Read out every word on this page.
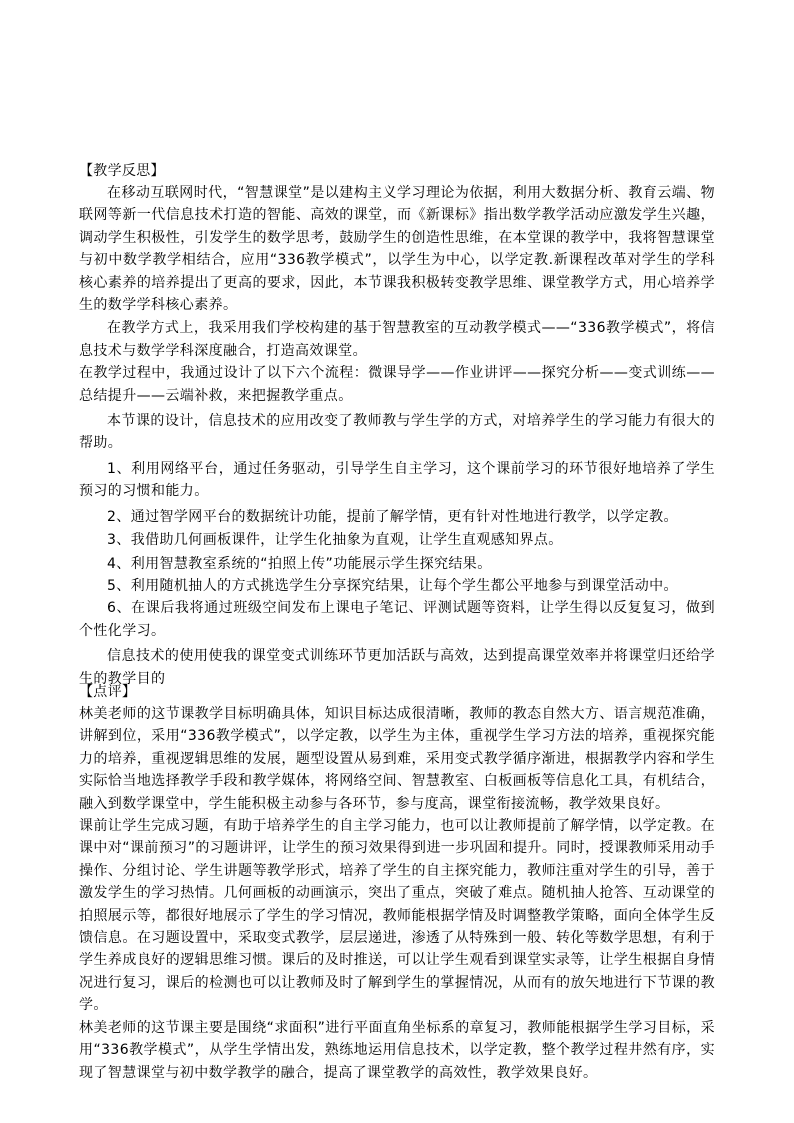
【教学反思】

在移动互联网时代，“智慧课堂”是以建构主义学习理论为依据，利用大数据分析、教育云端、物联网等新一代信息技术打造的智能、高效的课堂，而《新课标》指出数学教学活动应激发学生兴趣，调动学生积极性，引发学生的数学思考，鼓励学生的创造性思维，在本堂课的教学中，我将智慧课堂与初中数学教学相结合，应用“336教学模式”，以学生为中心，以学定教.新课程改革对学生的学科核心素养的培养提出了更高的要求，因此，本节课我积极转变教学思维、课堂教学方式，用心培养学生的数学学科核心素养。

在教学方式上，我采用我们学校构建的基于智慧教室的互动教学模式——“336教学模式”，将信息技术与数学学科深度融合，打造高效课堂。

在教学过程中，我通过设计了以下六个流程：微课导学——作业讲评——探究分析——变式训练——总结提升——云端补救，来把握教学重点。

本节课的设计，信息技术的应用改变了教师教与学生学的方式，对培养学生的学习能力有很大的帮助。

1、利用网络平台，通过任务驱动，引导学生自主学习，这个课前学习的环节很好地培养了学生预习的习惯和能力。

2、通过智学网平台的数据统计功能，提前了解学情，更有针对性地进行教学，以学定教。

3、我借助几何画板课件，让学生化抽象为直观，让学生直观感知界点。

4、利用智慧教室系统的“拍照上传”功能展示学生探究结果。

5、利用随机抽人的方式挑选学生分享探究结果，让每个学生都公平地参与到课堂活动中。

6、在课后我将通过班级空间发布上课电子笔记、评测试题等资料，让学生得以反复复习，做到个性化学习。

信息技术的使用使我的课堂变式训练环节更加活跃与高效，达到提高课堂效率并将课堂归还给学生的教学目的

【点评】

林美老师的这节课教学目标明确具体，知识目标达成很清晰，教师的教态自然大方、语言规范准确，讲解到位，采用“336教学模式”，以学定教，以学生为主体，重视学生学习方法的培养，重视探究能力的培养，重视逻辑思维的发展，题型设置从易到难，采用变式教学循序渐进，根据教学内容和学生实际恰当地选择教学手段和教学媒体，将网络空间、智慧教室、白板画板等信息化工具，有机结合，融入到数学课堂中，学生能积极主动参与各环节，参与度高，课堂衔接流畅，教学效果良好。

课前让学生完成习题，有助于培养学生的自主学习能力，也可以让教师提前了解学情，以学定教。在课中对“课前预习”的习题讲评，让学生的预习效果得到进一步巩固和提升。同时，授课教师采用动手操作、分组讨论、学生讲题等教学形式，培养了学生的自主探究能力，教师注重对学生的引导，善于激发学生的学习热情。几何画板的动画演示，突出了重点，突破了难点。随机抽人抢答、互动课堂的拍照展示等，都很好地展示了学生的学习情况，教师能根据学情及时调整教学策略，面向全体学生反馈信息。在习题设置中，采取变式教学，层层递进，渗透了从特殊到一般、转化等数学思想，有利于学生养成良好的逻辑思维习惯。课后的及时推送，可以让学生观看到课堂实录等，让学生根据自身情况进行复习，课后的检测也可以让教师及时了解到学生的掌握情况，从而有的放矢地进行下节课的教学。

林美老师的这节课主要是围绕“求面积”进行平面直角坐标系的章复习，教师能根据学生学习目标，采用“336教学模式”，从学生学情出发，熟练地运用信息技术，以学定教，整个教学过程井然有序，实现了智慧课堂与初中数学教学的融合，提高了课堂教学的高效性，教学效果良好。
